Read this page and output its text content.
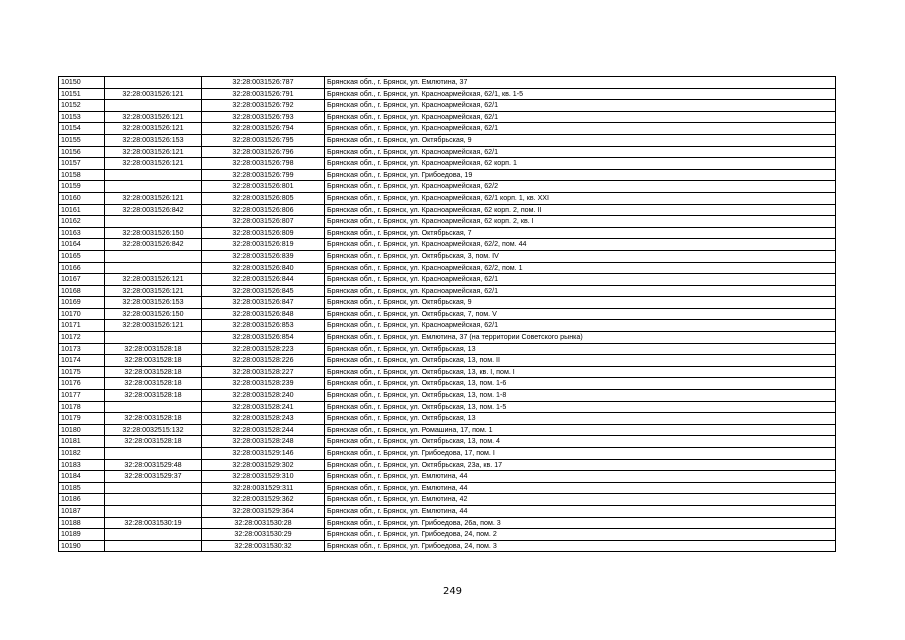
10150		32:28:0031526:787	Брянская обл., г. Брянск, ул. Емлютина, 37
10151	32:28:0031526:121	32:28:0031526:791	Брянская обл., г. Брянск, ул. Красноармейская, 62/1, кв. 1-5
10152		32:28:0031526:792	Брянская обл., г. Брянск, ул. Красноармейская, 62/1
10153	32:28:0031526:121	32:28:0031526:793	Брянская обл., г. Брянск, ул. Красноармейская, 62/1
10154	32:28:0031526:121	32:28:0031526:794	Брянская обл., г. Брянск, ул. Красноармейская, 62/1
10155	32:28:0031526:153	32:28:0031526:795	Брянская обл., г. Брянск, ул. Октябрьская, 9
10156	32:28:0031526:121	32:28:0031526:796	Брянская обл., г. Брянск, ул. Красноармейская, 62/1
10157	32:28:0031526:121	32:28:0031526:798	Брянская обл., г. Брянск, ул. Красноармейская, 62 корп. 1
10158		32:28:0031526:799	Брянская обл., г. Брянск, ул. Грибоедова, 19
10159		32:28:0031526:801	Брянская обл., г. Брянск, ул. Красноармейская, 62/2
10160	32:28:0031526:121	32:28:0031526:805	Брянская обл., г. Брянск, ул. Красноармейская, 62/1 корп. 1, кв. XXI
10161	32:28:0031526:842	32:28:0031526:806	Брянская обл., г. Брянск, ул. Красноармейская, 62 корп. 2, пом. II
10162		32:28:0031526:807	Брянская обл., г. Брянск, ул. Красноармейская, 62 корп. 2, кв. I
10163	32:28:0031526:150	32:28:0031526:809	Брянская обл., г. Брянск, ул. Октябрьская, 7
10164	32:28:0031526:842	32:28:0031526:819	Брянская обл., г. Брянск, ул. Красноармейская, 62/2, пом. 44
10165		32:28:0031526:839	Брянская обл., г. Брянск, ул. Октябрьская, 3, пом. IV
10166		32:28:0031526:840	Брянская обл., г. Брянск, ул. Красноармейская, 62/2, пом. 1
10167	32:28:0031526:121	32:28:0031526:844	Брянская обл., г. Брянск, ул. Красноармейская, 62/1
10168	32:28:0031526:121	32:28:0031526:845	Брянская обл., г. Брянск, ул. Красноармейская, 62/1
10169	32:28:0031526:153	32:28:0031526:847	Брянская обл., г. Брянск, ул. Октябрьская, 9
10170	32:28:0031526:150	32:28:0031526:848	Брянская обл., г. Брянск, ул. Октябрьская, 7, пом. V
10171	32:28:0031526:121	32:28:0031526:853	Брянская обл., г. Брянск, ул. Красноармейская, 62/1
10172		32:28:0031526:854	Брянская обл., г. Брянск, ул. Емлютина, 37 (на территории Советского рынка)
10173	32:28:0031528:18	32:28:0031528:223	Брянская обл., г. Брянск, ул. Октябрьская, 13
10174	32:28:0031528:18	32:28:0031528:226	Брянская обл., г. Брянск, ул. Октябрьская, 13, пом. II
10175	32:28:0031528:18	32:28:0031528:227	Брянская обл., г. Брянск, ул. Октябрьская, 13, кв. I, пом. I
10176	32:28:0031528:18	32:28:0031528:239	Брянская обл., г. Брянск, ул. Октябрьская, 13, пом. 1-6
10177	32:28:0031528:18	32:28:0031528:240	Брянская обл., г. Брянск, ул. Октябрьская, 13, пом. 1-8
10178		32:28:0031528:241	Брянская обл., г. Брянск, ул. Октябрьская, 13, пом. 1-5
10179	32:28:0031528:18	32:28:0031528:243	Брянская обл., г. Брянск, ул. Октябрьская, 13
10180	32:28:0032515:132	32:28:0031528:244	Брянская обл., г. Брянск, ул. Ромашина, 17, пом. 1
10181	32:28:0031528:18	32:28:0031528:248	Брянская обл., г. Брянск, ул. Октябрьская, 13, пом. 4
10182		32:28:0031529:146	Брянская обл., г. Брянск, ул. Грибоедова, 17, пом. I
10183	32:28:0031529:48	32:28:0031529:302	Брянская обл., г. Брянск, ул. Октябрьская, 23а, кв. 17
10184	32:28:0031529:37	32:28:0031529:310	Брянская обл., г. Брянск, ул. Емлютина, 44
10185		32:28:0031529:311	Брянская обл., г. Брянск, ул. Емлютина, 44
10186		32:28:0031529:362	Брянская обл., г. Брянск, ул. Емлютина, 42
10187		32:28:0031529:364	Брянская обл., г. Брянск, ул. Емлютина, 44
10188	32:28:0031530:19	32:28:0031530:28	Брянская обл., г. Брянск, ул. Грибоедова, 26а, пом. 3
10189		32:28:0031530:29	Брянская обл., г. Брянск, ул. Грибоедова, 24, пом. 2
10190		32:28:0031530:32	Брянская обл., г. Брянск, ул. Грибоедова, 24, пом. 3
249
